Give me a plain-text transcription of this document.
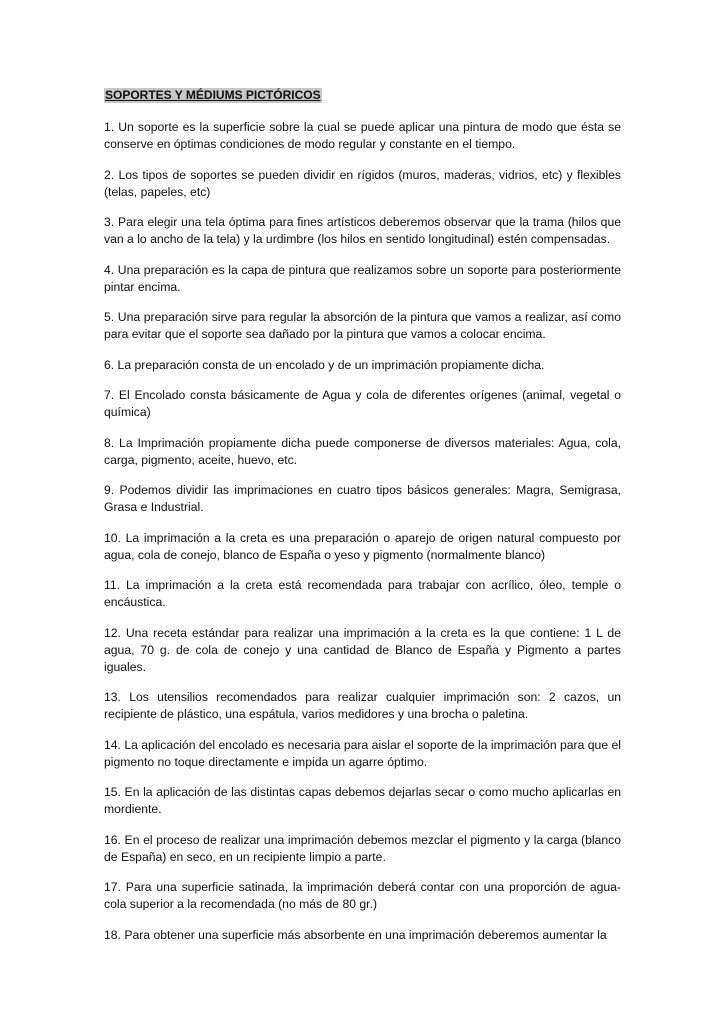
SOPORTES Y MÉDIUMS PICTÓRICOS

1. Un soporte es la superficie sobre la cual se puede aplicar una pintura de modo que ésta se conserve en óptimas condiciones de modo regular y constante en el tiempo.

2. Los tipos de soportes se pueden dividir en rígidos (muros, maderas, vidrios, etc) y flexibles (telas, papeles, etc)

3. Para elegir una tela óptima para fines artísticos deberemos observar que la trama (hilos que van a lo ancho de la tela) y la urdimbre (los hilos en sentido longitudinal) estén compensadas.

4. Una preparación es la capa de pintura que realizamos sobre un soporte para posteriormente pintar encima.

5. Una preparación sirve para regular la absorción de la pintura que vamos a realizar, así como para evitar que el soporte sea dañado por la pintura que vamos a colocar encima.

6. La preparación consta de un encolado y de un imprimación propiamente dicha.

7. El Encolado consta básicamente de Agua y cola de diferentes orígenes (animal, vegetal o química)

8. La Imprimación propiamente dicha puede componerse de diversos materiales: Agua, cola, carga, pigmento, aceite, huevo, etc.

9. Podemos dividir las imprimaciones en cuatro tipos básicos generales: Magra, Semigrasa, Grasa e Industrial.

10. La imprimación a la creta es una preparación o aparejo de origen natural compuesto por agua, cola de conejo, blanco de España o yeso y pigmento (normalmente blanco)

11. La imprimación a la creta está recomendada para trabajar con acrílico, óleo, temple o encáustica.

12. Una receta estándar para realizar una imprimación a la creta es la que contiene: 1 L de agua, 70 g. de cola de conejo y una cantidad de Blanco de España y Pigmento a partes iguales.

13. Los utensilios recomendados para realizar cualquier imprimación son: 2 cazos, un recipiente de plástico, una espátula, varios medidores y una brocha o paletina.

14. La aplicación del encolado es necesaria para aislar el soporte de la imprimación para que el pigmento no toque directamente e impida un agarre óptimo.

15. En la aplicación de las distintas capas debemos dejarlas secar o como mucho aplicarlas en mordiente.

16. En el proceso de realizar una imprimación debemos mezclar el pigmento y la carga (blanco de España) en seco, en un recipiente limpio a parte.

17. Para una superficie satinada, la imprimación deberá contar con una proporción de agua-cola superior a la recomendada (no más de 80 gr.)

18. Para obtener una superficie más absorbente en una imprimación deberemos aumentar la
